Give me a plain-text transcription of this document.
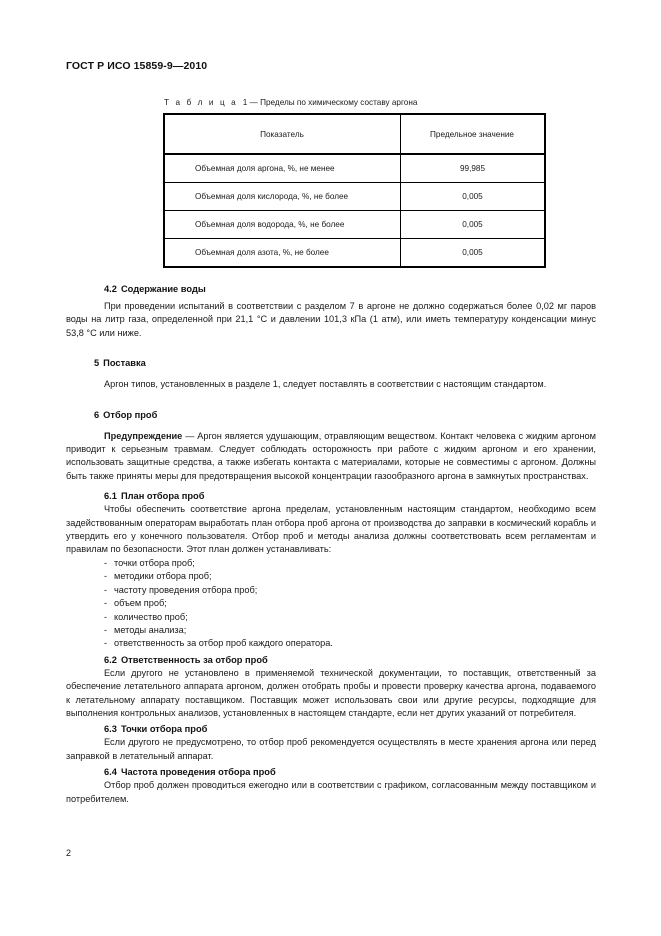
ГОСТ Р ИСО 15859-9—2010
Т а б л и ц а 1 — Пределы по химическому составу аргона
Показатель	Предельное значение
Объемная доля аргона, %, не менее	99,985
Объемная доля кислорода, %, не более	0,005
Объемная доля водорода, %, не более	0,005
Объемная доля азота, %, не более	0,005
4.2 Содержание воды

При проведении испытаний в соответствии с разделом 7 в аргоне не должно содержаться более 0,02 мг паров воды на литр газа, определенной при 21,1 °С и давлении 101,3 кПа (1 атм), или иметь температуру конденсации минус 53,8 °С или ниже.

5 Поставка

Аргон типов, установленных в разделе 1, следует поставлять в соответствии с настоящим стандартом.

6 Отбор проб

Предупреждение — Аргон является удушающим, отравляющим веществом. Контакт человека с жидким аргоном приводит к серьезным травмам. Следует соблюдать осторожность при работе с жидким аргоном и его хранении, использовать защитные средства, а также избегать контакта с материалами, которые не совместимы с аргоном. Должны быть также приняты меры для предотвращения высокой концентрации газообразного аргона в замкнутых пространствах.

6.1 План отбора проб

Чтобы обеспечить соответствие аргона пределам, установленным настоящим стандартом, необходимо всем задействованным операторам выработать план отбора проб аргона от производства до заправки в космический корабль и утвердить его у конечного пользователя. Отбор проб и методы анализа должны соответствовать всем регламентам и правилам по безопасности. Этот план должен устанавливать:

- точки отбора проб;
- методики отбора проб;
- частоту проведения отбора проб;
- объем проб;
- количество проб;
- методы анализа;
- ответственность за отбор проб каждого оператора.
6.2 Ответственность за отбор проб

Если другого не установлено в применяемой технической документации, то поставщик, ответственный за обеспечение летательного аппарата аргоном, должен отобрать пробы и провести проверку качества аргона, подаваемого к летательному аппарату поставщиком. Поставщик может использовать свои или другие ресурсы, подходящие для выполнения контрольных анализов, установленных в настоящем стандарте, если нет других указаний от потребителя.

6.3 Точки отбора проб

Если другого не предусмотрено, то отбор проб рекомендуется осуществлять в месте хранения аргона или перед заправкой в летательный аппарат.

6.4 Частота проведения отбора проб

Отбор проб должен проводиться ежегодно или в соответствии с графиком, согласованным между поставщиком и потребителем.

2
